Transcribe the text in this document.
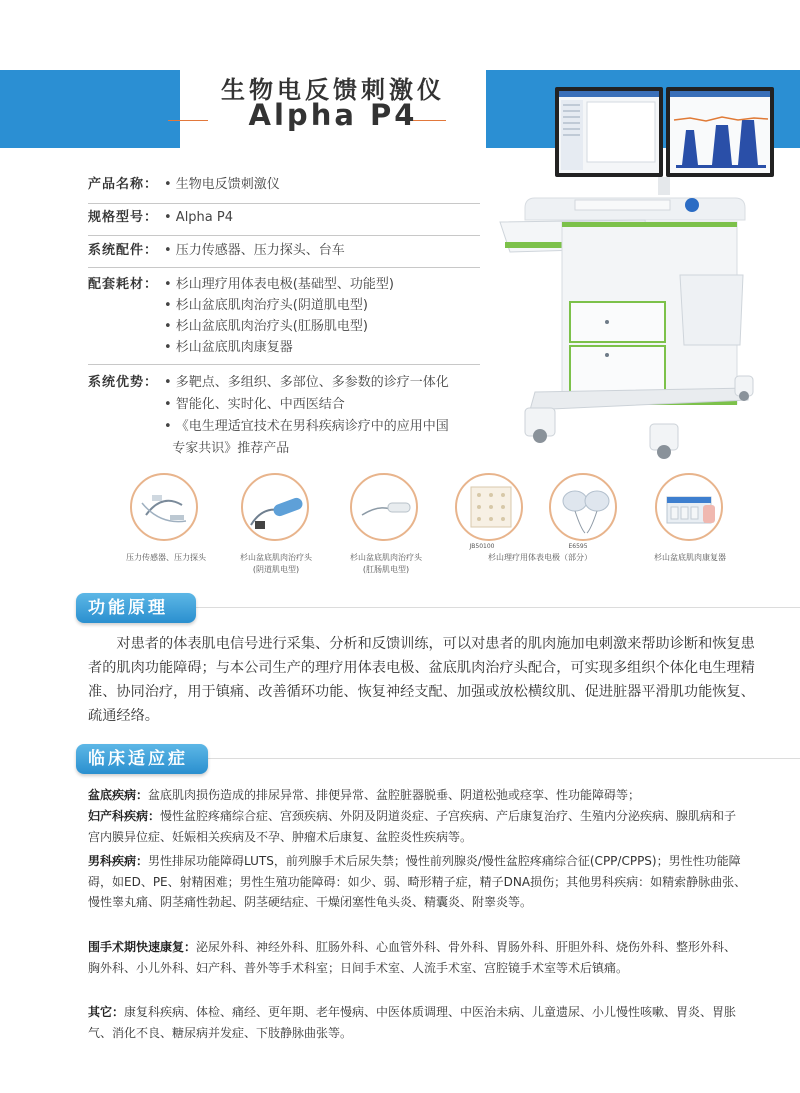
生物电反馈刺激仪
Alpha P4
产品名称： • 生物电反馈刺激仪
规格型号： • Alpha P4
系统配件： • 压力传感器、压力探头、台车
配套耗材： • 杉山理疗用体表电极(基础型、功能型)
• 杉山盆底肌肉治疗头(阴道肌电型)
• 杉山盆底肌肉治疗头(肛肠肌电型)
• 杉山盆底肌肉康复器
系统优势： • 多靶点、多组织、多部位、多参数的诊疗一体化
• 智能化、实时化、中西医结合
• 《电生理适宜技术在男科疾病诊疗中的应用中国
专家共识》推荐产品
压力传感器、压力探头	杉山盆底肌肉治疗头
(阴道肌电型)
杉山盆底肌肉治疗头
(肛肠肌电型)
JB50100	E6595
杉山理疗用体表电极（部分）	杉山盆底肌肉康复器
功能原理
对患者的体表肌电信号进行采集、分析和反馈训练，可以对患者的肌肉施加电刺激来帮助诊断和恢复患者的肌肉功能障碍；与本公司生产的理疗用体表电极、盆底肌肉治疗头配合，可实现多组织个体化电生理精准、协同治疗，用于镇痛、改善循环功能、恢复神经支配、加强或放松横纹肌、促进脏器平滑肌功能恢复、疏通经络。
临床适应症
盆底疾病：盆底肌肉损伤造成的排尿异常、排便异常、盆腔脏器脱垂、阴道松弛或痉挛、性功能障碍等；
妇产科疾病：慢性盆腔疼痛综合症、宫颈疾病、外阴及阴道炎症、子宫疾病、产后康复治疗、生殖内分泌疾病、腺肌病和子宫内膜异位症、妊娠相关疾病及不孕、肿瘤术后康复、盆腔炎性疾病等。
男科疾病：男性排尿功能障碍LUTS，前列腺手术后尿失禁；慢性前列腺炎/慢性盆腔疼痛综合征(CPP/CPPS)；男性性功能障碍，如ED、PE、射精困难；男性生殖功能障碍：如少、弱、畸形精子症，精子DNA损伤；其他男科疾病：如精索静脉曲张、慢性睾丸痛、阴茎痛性勃起、阴茎硬结症、干燥闭塞性龟头炎、精囊炎、附睾炎等。
围手术期快速康复：泌尿外科、神经外科、肛肠外科、心血管外科、骨外科、胃肠外科、肝胆外科、烧伤外科、整形外科、胸外科、小儿外科、妇产科、普外等手术科室；日间手术室、人流手术室、宫腔镜手术室等术后镇痛。
其它：康复科疾病、体检、痛经、更年期、老年慢病、中医体质调理、中医治未病、儿童遗尿、小儿慢性咳嗽、胃炎、胃胀气、消化不良、糖尿病并发症、下肢静脉曲张等。
